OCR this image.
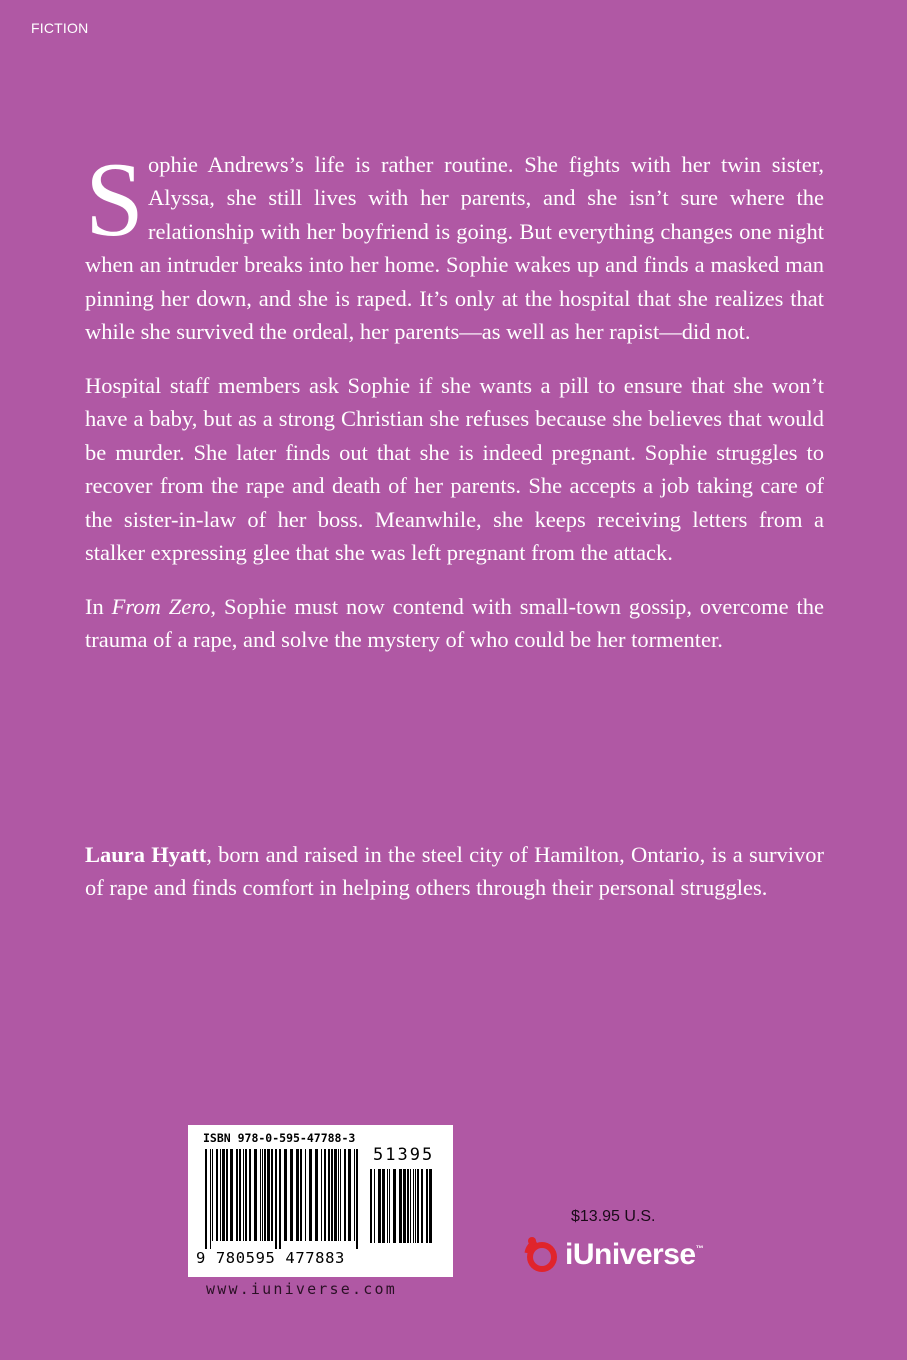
FICTION

Sophie Andrews’s life is rather routine. She fights with her twin sister, Alyssa, she still lives with her parents, and she isn’t sure where the relationship with her boyfriend is going. But everything changes one night when an intruder breaks into her home. Sophie wakes up and finds a masked man pinning her down, and she is raped. It’s only at the hospital that she realizes that while she survived the ordeal, her parents—as well as her rapist—did not.

Hospital staff members ask Sophie if she wants a pill to ensure that she won’t have a baby, but as a strong Christian she refuses because she believes that would be murder. She later finds out that she is indeed pregnant. Sophie struggles to recover from the rape and death of her parents. She accepts a job taking care of the sister-in-law of her boss. Meanwhile, she keeps receiving letters from a stalker expressing glee that she was left pregnant from the attack.

In From Zero, Sophie must now contend with small-town gossip, overcome the trauma of a rape, and solve the mystery of who could be her tormenter.

Laura Hyatt, born and raised in the steel city of Hamilton, Ontario, is a survivor of rape and finds comfort in helping others through their personal struggles.

ISBN 978-0-595-47788-3
51395
9 780595 477883
www.iuniverse.com
$13.95 U.S.
iUniverse™
